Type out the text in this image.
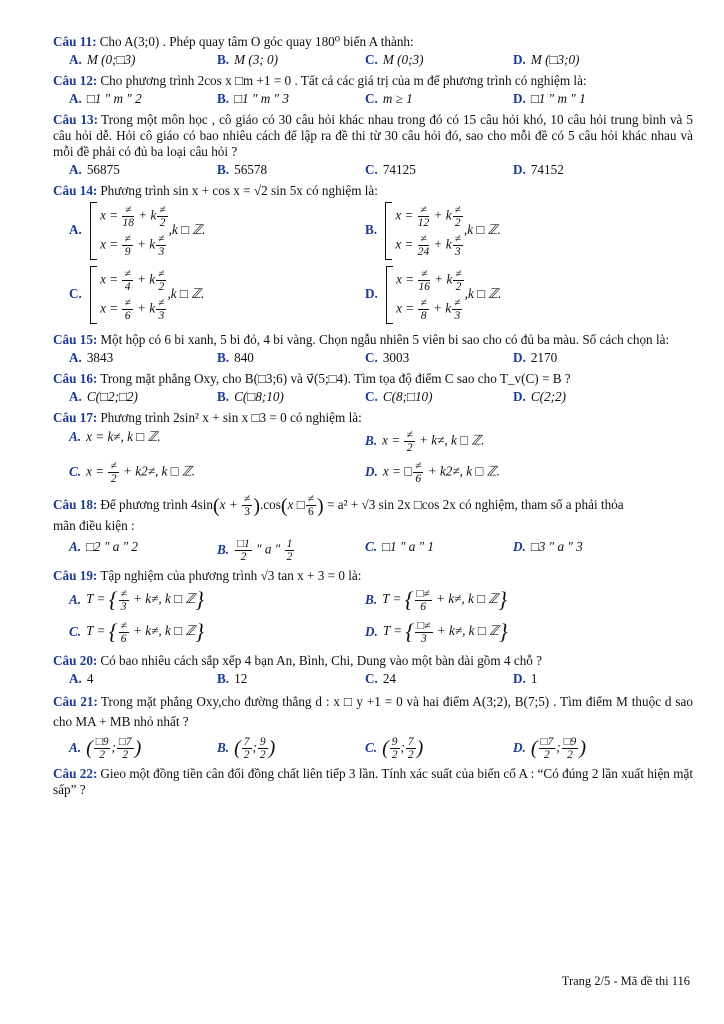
Câu 11: Cho A(3;0) . Phép quay tâm O góc quay 180⁰ biến A thành:
A. M (0;□3)	B. M (3; 0)	C. M (0;3)	D. M (□3;0)
Câu 12: Cho phương trình 2cos x □m +1 = 0 . Tất cả các giá trị của m để phương trình có nghiệm là:
A. □1 ″ m ″ 2	B. □1 ″ m ″ 3	C. m ≥ 1	D. □1 ″ m ″ 1
Câu 13: Trong một môn học , cô giáo có 30 câu hỏi khác nhau trong đó có 15 câu hỏi khó, 10 câu hỏi trung bình và 5 câu hỏi dễ. Hỏi cô giáo có bao nhiêu cách để lập ra đề thi từ 30 câu hỏi đó, sao cho mỗi đề có 5 câu hỏi khác nhau và mỗi đề phải có đủ ba loại câu hỏi ?
A. 56875	B. 56578	C. 74125	D. 74152
Câu 14: Phương trình sin x + cos x = √2 sin 5x có nghiệm là:
A.
$x = \frac{\ne}{18} + k \frac{\ne}{2}$
$x = \frac{\ne}{9} + k \frac{\ne}{3}$
,k □ ℤ.	B.
$x = \frac{\ne}{12} + k \frac{\ne}{2}$
$x = \frac{\ne}{24} + k \frac{\ne}{3}$
,k □ ℤ.
C.
$x = \frac{\ne}{4} + k \frac{\ne}{2}$
$x = \frac{\ne}{6} + k \frac{\ne}{3}$
,k □ ℤ.	D.
$x = \frac{\ne}{16} + k \frac{\ne}{2}$
$x = \frac{\ne}{8} + k \frac{\ne}{3}$
,k □ ℤ.
Câu 15: Một hộp có 6 bi xanh, 5 bi đỏ, 4 bi vàng. Chọn ngẫu nhiên 5 viên bi sao cho có đủ ba màu. Số cách chọn là:
A. 3843	B. 840	C. 3003	D. 2170
Câu 16: Trong mặt phẳng Oxy, cho B(□3;6) và v⃗(5;□4). Tìm tọa độ điểm C sao cho T_v(C) = B ?
A. C(□2;□2)	B. C(□8;10)	C. C(8;□10)	D. C(2;2)
Câu 17: Phương trình 2sin² x + sin x □3 = 0 có nghiệm là:
A. x = k≠, k □ ℤ.	B. $x = \frac{\ne}{2} + k\ne$, k □ ℤ.
C. $x = \frac{\ne}{2} + k2\ne$, k □ ℤ.	D. x = □ $\frac{\ne}{6} + k2\ne$, k □ ℤ.
Câu 18: Để phương trình $4\sin(x + \frac{\ne}{3} ).\cos(x$ □ $\frac{\ne}{6}$ ) = a² + √3 sin 2x □cos 2x có nghiệm, tham số a phải thỏa
mãn điều kiện :
A. □2 ″ a ″ 2	B. $\frac{□1}{2}$ ″ a ″ $\frac{1}{2}$	C. □1 ″ a ″ 1	D. □3 ″ a ″ 3
Câu 19: Tập nghiệm của phương trình √3 tan x + 3 = 0 là:
A. T = { $\frac{\ne}{3} + k\ne$, k □ ℤ}	B. T = { $\frac{□\ne}{6} + k\ne$, k □ ℤ}
C. T = { $\frac{\ne}{6} + k\ne$, k □ ℤ}	D. T = { $\frac{□\ne}{3} + k\ne$, k □ ℤ}
Câu 20: Có bao nhiêu cách sắp xếp 4 bạn An, Bình, Chi, Dung vào một bàn dài gồm 4 chỗ ?
A. 4	B. 12	C. 24	D. 1
Câu 21: Trong mặt phẳng Oxy,cho đường thẳng d : x □ y +1 = 0 và hai điểm A(3;2), B(7;5) . Tìm điểm M thuộc d sao cho MA + MB nhỏ nhất ?
A. ( $\frac{□9}{2}$ ; $\frac{□7}{2}$ )	B. ( $\frac{7}{2}$ ; $\frac{9}{2}$ )	C. ( $\frac{9}{2}$ ; $\frac{7}{2}$ )	D. ( $\frac{□7}{2}$ ; $\frac{□9}{2}$ )
Câu 22: Gieo một đồng tiền cân đối đồng chất liên tiếp 3 lần. Tính xác suất của biến cố A : “Có đúng 2 lần xuất hiện mặt sấp” ?
Trang 2/5 - Mã đề thi 116
